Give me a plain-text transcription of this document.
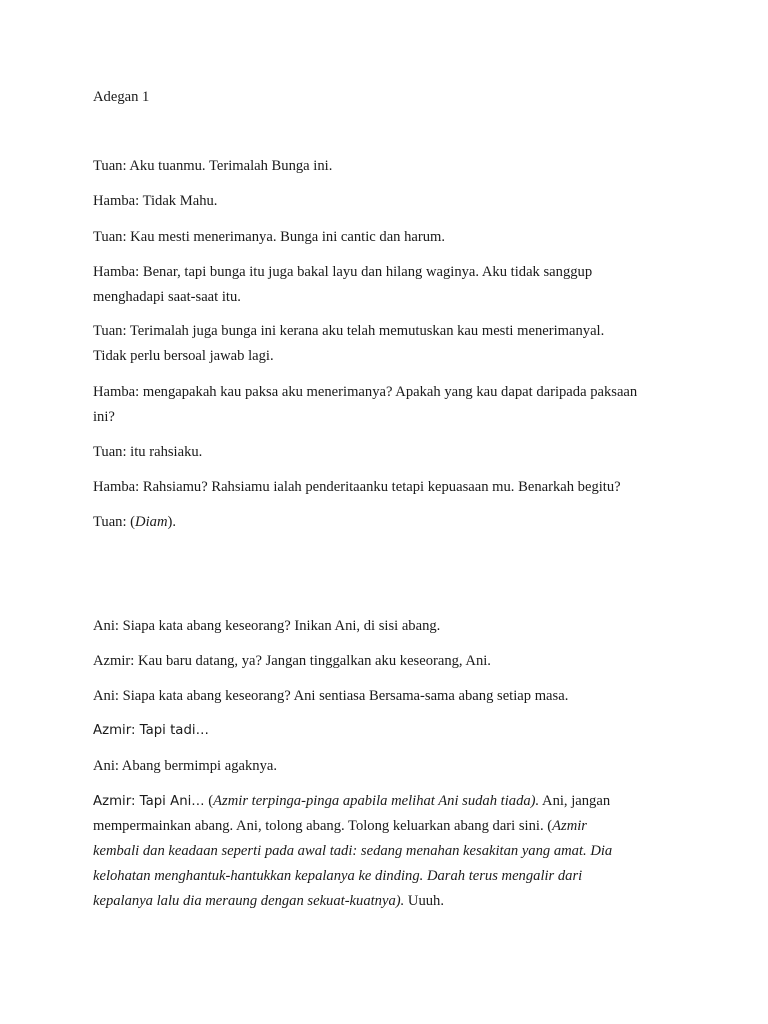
Adegan 1
Tuan: Aku tuanmu. Terimalah Bunga ini.
Hamba: Tidak Mahu.
Tuan: Kau mesti menerimanya. Bunga ini cantic dan harum.
Hamba: Benar, tapi bunga itu juga bakal layu dan hilang waginya. Aku tidak sanggup
menghadapi saat-saat itu.
Tuan: Terimalah juga bunga ini kerana aku telah memutuskan kau mesti menerimanyal.
Tidak perlu bersoal jawab lagi.
Hamba: mengapakah kau paksa aku menerimanya? Apakah yang kau dapat daripada paksaan
ini?
Tuan: itu rahsiaku.
Hamba: Rahsiamu? Rahsiamu ialah penderitaanku tetapi kepuasaan mu. Benarkah begitu?
Tuan: (Diam).
Ani: Siapa kata abang keseorang? Inikan Ani, di sisi abang.
Azmir: Kau baru datang, ya? Jangan tinggalkan aku keseorang, Ani.
Ani: Siapa kata abang keseorang? Ani sentiasa Bersama-sama abang setiap masa.
Azmir: Tapi tadi…
Ani: Abang bermimpi agaknya.
Azmir: Tapi Ani… (Azmir terpinga-pinga apabila melihat Ani sudah tiada). Ani, jangan
mempermainkan abang. Ani, tolong abang. Tolong keluarkan abang dari sini. (Azmir
kembali dan keadaan seperti pada awal tadi: sedang menahan kesakitan yang amat. Dia
kelohatan menghantuk-hantukkan kepalanya ke dinding. Darah terus mengalir dari
kepalanya lalu dia meraung dengan sekuat-kuatnya). Uuuh.
